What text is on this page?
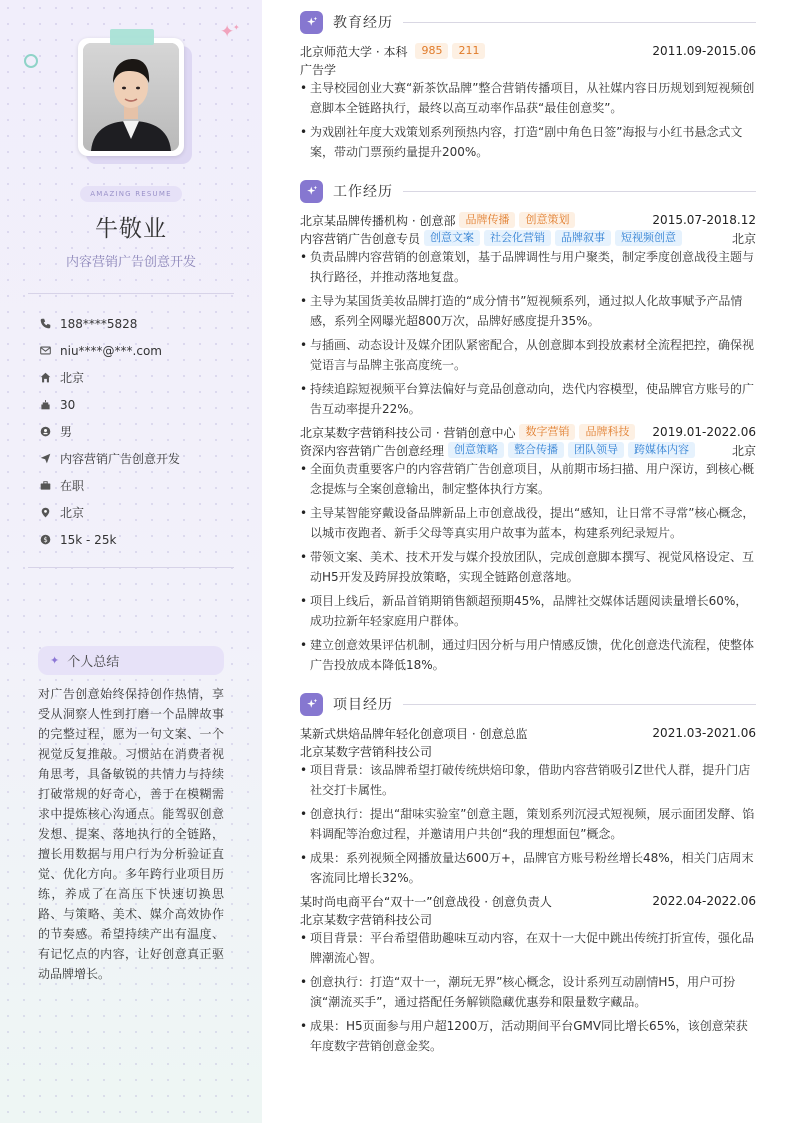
✦
✦
AMAZING RESUME
牛敬业
内容营销广告创意开发
188****5828
niu****@***.com
北京
30
男
内容营销广告创意开发
在职
北京
$ 15k - 25k
✦ 个人总结
对广告创意始终保持创作热情，享受从洞察人性到打磨一个品牌故事的完整过程，愿为一句文案、一个视觉反复推敲。习惯站在消费者视角思考，具备敏锐的共情力与持续打破常规的好奇心，善于在模糊需求中提炼核心沟通点。能驾驭创意发想、提案、落地执行的全链路，擅长用数据与用户行为分析验证直觉、优化方向。多年跨行业项目历练，养成了在高压下快速切换思路、与策略、美术、媒介高效协作的节奏感。希望持续产出有温度、有记忆点的内容，让好创意真正驱动品牌增长。
教育经历
北京师范大学 · 本科	985	211	2011.09-2015.06
广告学
• 主导校园创业大赛“新茶饮品牌”整合营销传播项目，从社媒内容日历规划到短视频创意脚本全链路执行，最终以高互动率作品获“最佳创意奖”。
• 为戏剧社年度大戏策划系列预热内容，打造“剧中角色日签”海报与小红书悬念式文案，带动门票预约量提升200%。
工作经历
北京某品牌传播机构 · 创意部 品牌传播	创意策划	2015.07-2018.12
内容营销广告创意专员 创意文案	社会化营销	品牌叙事	短视频创意	北京
• 负责品牌内容营销的创意策划，基于品牌调性与用户聚类，制定季度创意战役主题与执行路径，并推动落地复盘。
• 主导为某国货美妆品牌打造的“成分情书”短视频系列，通过拟人化故事赋予产品情感，系列全网曝光超800万次，品牌好感度提升35%。
• 与插画、动态设计及媒介团队紧密配合，从创意脚本到投放素材全流程把控，确保视觉语言与品牌主张高度统一。
• 持续追踪短视频平台算法偏好与竞品创意动向，迭代内容模型，使品牌官方账号的广告互动率提升22%。
北京某数字营销科技公司 · 营销创意中心 数字营销	品牌科技	2019.01-2022.06
资深内容营销广告创意经理 创意策略	整合传播	团队领导	跨媒体内容	北京
• 全面负责重要客户的内容营销广告创意项目，从前期市场扫描、用户深访，到核心概念提炼与全案创意输出，制定整体执行方案。
• 主导某智能穿戴设备品牌新品上市创意战役，提出“感知，让日常不寻常”核心概念，以城市夜跑者、新手父母等真实用户故事为蓝本，构建系列纪录短片。
• 带领文案、美术、技术开发与媒介投放团队，完成创意脚本撰写、视觉风格设定、互动H5开发及跨屏投放策略，实现全链路创意落地。
• 项目上线后，新品首销期销售额超预期45%，品牌社交媒体话题阅读量增长60%，成功拉新年轻家庭用户群体。
• 建立创意效果评估机制，通过归因分析与用户情感反馈，优化创意迭代流程，使整体广告投放成本降低18%。
项目经历
某新式烘焙品牌年轻化创意项目 · 创意总监	2021.03-2021.06
北京某数字营销科技公司
• 项目背景：该品牌希望打破传统烘焙印象，借助内容营销吸引Z世代人群，提升门店社交打卡属性。
• 创意执行：提出“甜味实验室”创意主题，策划系列沉浸式短视频，展示面团发酵、馅料调配等治愈过程，并邀请用户共创“我的理想面包”概念。
• 成果：系列视频全网播放量达600万+，品牌官方账号粉丝增长48%，相关门店周末客流同比增长32%。
某时尚电商平台“双十一”创意战役 · 创意负责人	2022.04-2022.06
北京某数字营销科技公司
• 项目背景：平台希望借助趣味互动内容，在双十一大促中跳出传统打折宣传，强化品牌潮流心智。
• 创意执行：打造“双十一，潮玩无界”核心概念，设计系列互动剧情H5，用户可扮演“潮流买手”，通过搭配任务解锁隐藏优惠券和限量数字藏品。
• 成果：H5页面参与用户超1200万，活动期间平台GMV同比增长65%，该创意荣获年度数字营销创意金奖。
